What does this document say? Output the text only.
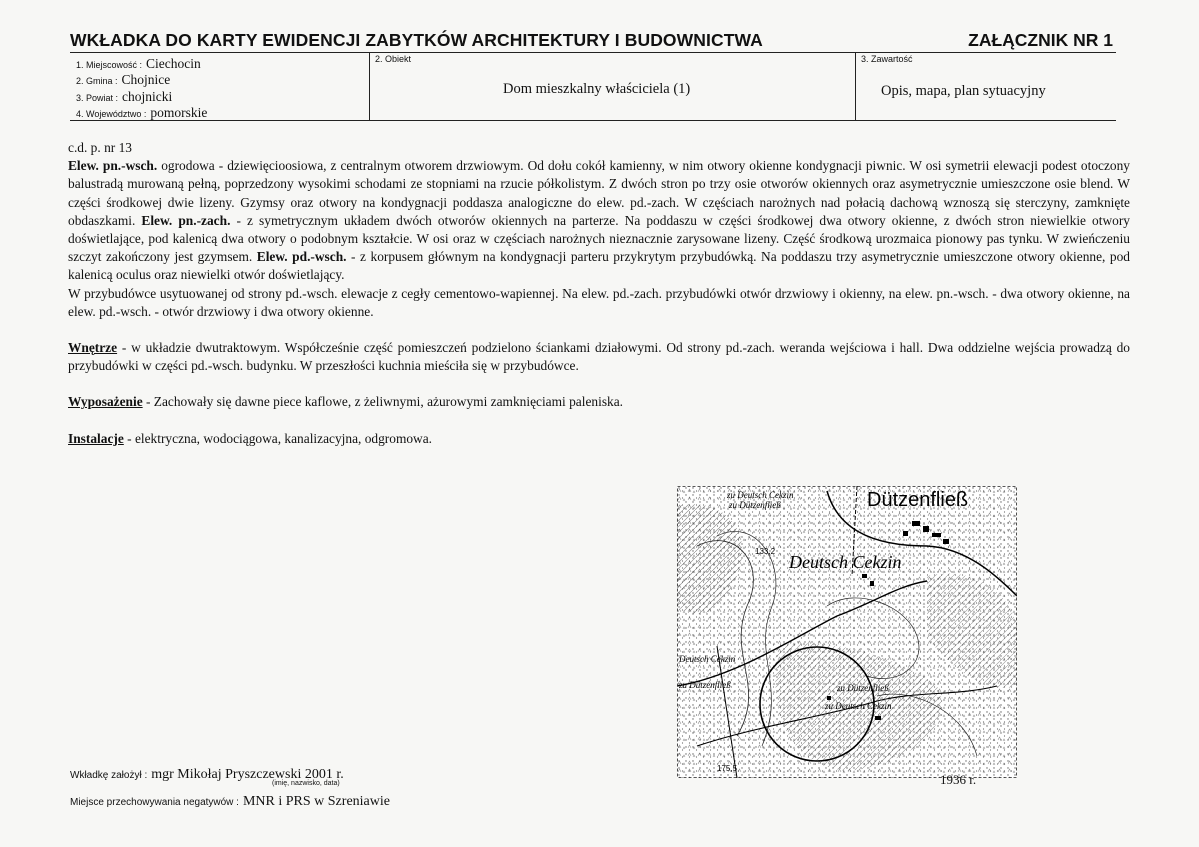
WKŁADKA DO KARTY EWIDENCJI ZABYTKÓW ARCHITEKTURY I BUDOWNICTWA	ZAŁĄCZNIK NR 1
1. Miejscowość : Ciechocin
2. Gmina : Chojnice
3. Powiat : chojnicki
4. Województwo : pomorskie
2. Obiekt
Dom mieszkalny właściciela (1)
3. Zawartość
Opis, mapa, plan sytuacyjny

c.d. p. nr 13

Elew. pn.-wsch. ogrodowa - dziewięcioosiowa, z centralnym otworem drzwiowym. Od dołu cokół kamienny, w nim otwory okienne kondygnacji piwnic. W osi symetrii elewacji podest otoczony balustradą murowaną pełną, poprzedzony wysokimi schodami ze stopniami na rzucie półkolistym. Z dwóch stron po trzy osie otworów okiennych oraz asymetrycznie umieszczone osie blend. W części środkowej dwie lizeny. Gzymsy oraz otwory na kondygnacji poddasza analogiczne do elew. pd.-zach. W częściach narożnych nad połacią dachową wznoszą się sterczyny, zamknięte obdaszkami. Elew. pn.-zach. - z symetrycznym układem dwóch otworów okiennych na parterze. Na poddaszu w części środkowej dwa otwory okienne, z dwóch stron niewielkie otwory doświetlające, pod kalenicą dwa otwory o podobnym kształcie. W osi oraz w częściach narożnych nieznacznie zarysowane lizeny. Część środkową urozmaica pionowy pas tynku. W zwieńczeniu szczyt zakończony jest gzymsem. Elew. pd.-wsch. - z korpusem głównym na kondygnacji parteru przykrytym przybudówką. Na poddaszu trzy asymetrycznie umieszczone otwory okienne, pod kalenicą oculus oraz niewielki otwór doświetlający.

W przybudówce usytuowanej od strony pd.-wsch. elewacje z cegły cementowo-wapiennej. Na elew. pd.-zach. przybudówki otwór drzwiowy i okienny, na elew. pn.-wsch. - dwa otwory okienne, na elew. pd.-wsch. - otwór drzwiowy i dwa otwory okienne.

Wnętrze - w układzie dwutraktowym. Współcześnie część pomieszczeń podzielono ściankami działowymi. Od strony pd.-zach. weranda wejściowa i hall. Dwa oddzielne wejścia prowadzą do przybudówki w części pd.-wsch. budynku. W przeszłości kuchnia mieściła się w przybudówce.

Wyposażenie - Zachowały się dawne piece kaflowe, z żeliwnymi, ażurowymi zamknięciami paleniska.

Instalacje - elektryczna, wodociągowa, kanalizacyjna, odgromowa.

zu Deutsch Cekzin
zu Dützenfließ	Dützenfließ
Deutsch Cekzin
133,2
Deutsch Cekzin
zu Dützenfließ	zu Dützenfließ
zu Deutsch Cekzin
175,5
1936 r.
Wkładkę założył : mgr Mikołaj Pryszczewski 2001 r.
(imię, nazwisko, data)
Miejsce przechowywania negatywów : MNR i PRS w Szreniawie
